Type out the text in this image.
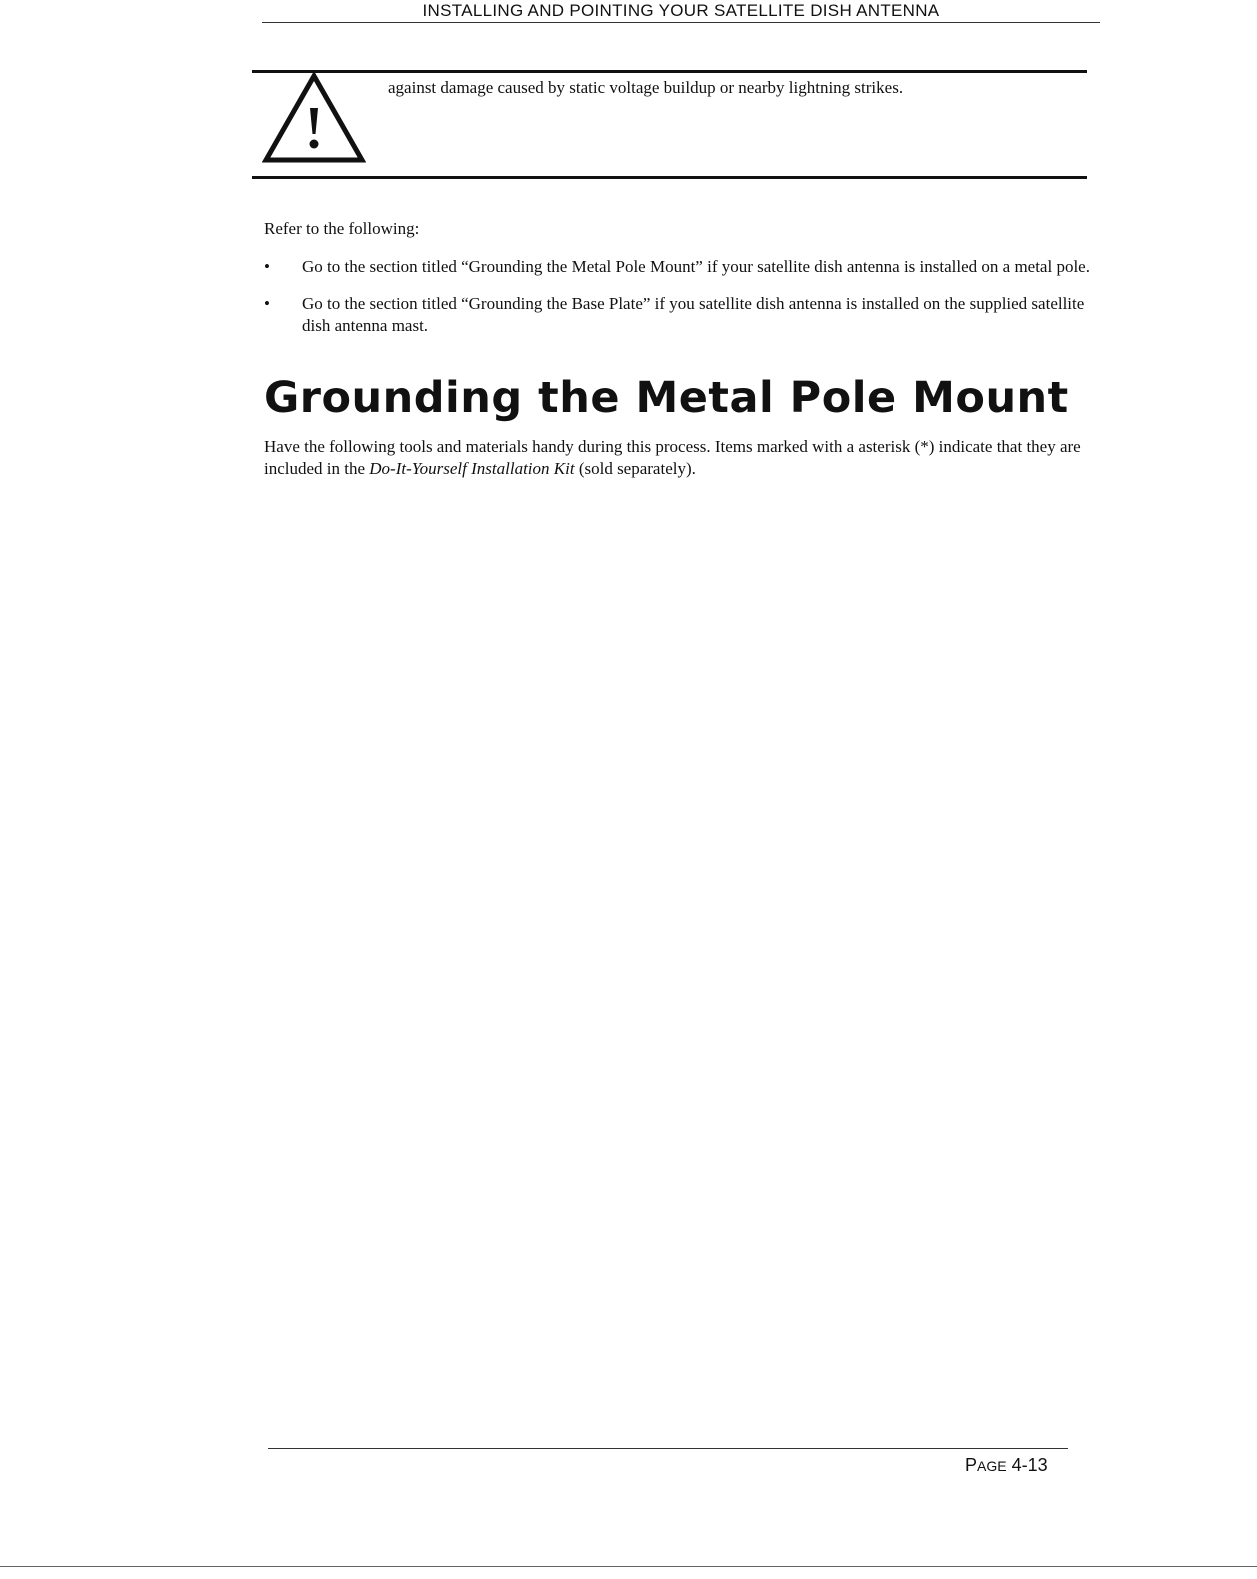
INSTALLING AND POINTING YOUR SATELLITE DISH ANTENNA
against damage caused by static voltage buildup or nearby lightning strikes.
Refer to the following:
• Go to the section titled “Grounding the Metal Pole Mount” if your satellite dish antenna is installed on a metal pole.
• Go to the section titled “Grounding the Base Plate” if you satellite dish antenna is installed on the supplied satellite dish antenna mast.
Grounding the Metal Pole Mount

Have the following tools and materials handy during this process. Items marked with a asterisk (*) indicate that they are included in the Do-It-Yourself Installation Kit (sold separately).

PAGE 4-13
